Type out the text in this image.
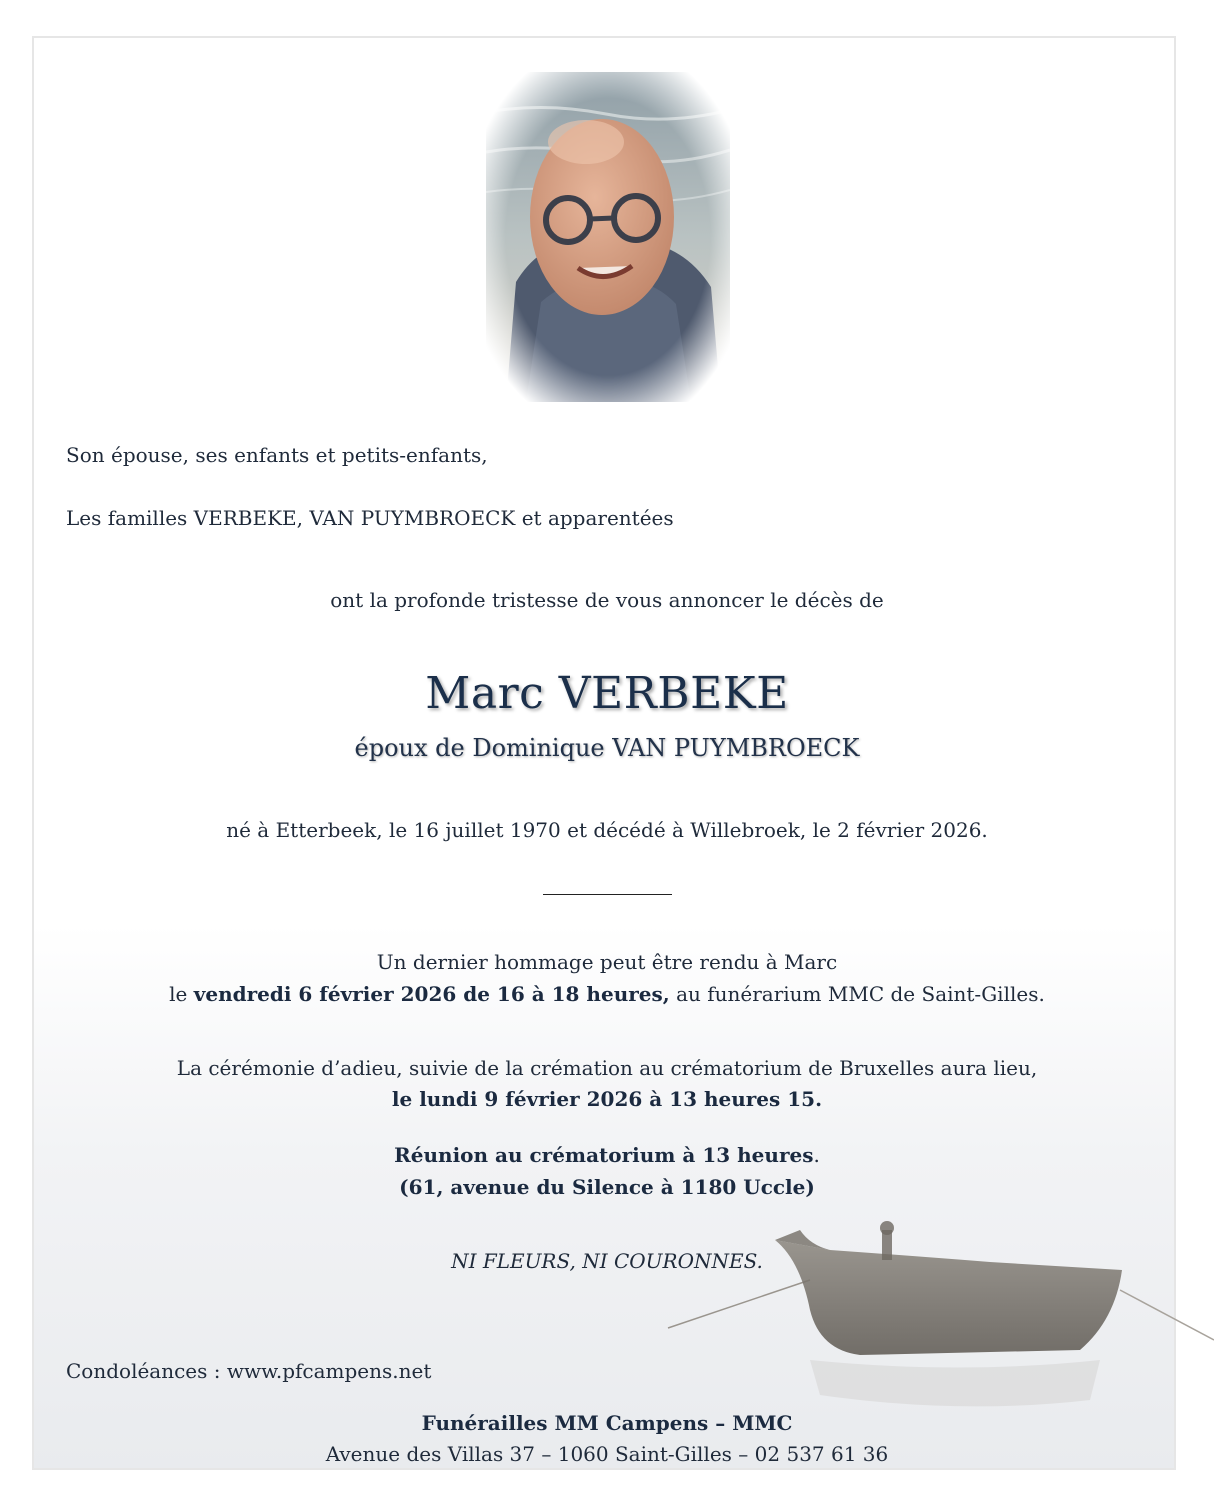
Son épouse, ses enfants et petits-enfants,
Les familles VERBEKE, VAN PUYMBROECK et apparentées
ont la profonde tristesse de vous annoncer le décès de
Marc VERBEKE
époux de Dominique VAN PUYMBROECK
né à Etterbeek, le 16 juillet 1970 et décédé à Willebroek, le 2 février 2026.
Un dernier hommage peut être rendu à Marc
le vendredi 6 février 2026 de 16 à 18 heures, au funérarium MMC de Saint-Gilles.
La cérémonie d’adieu, suivie de la crémation au crématorium de Bruxelles aura lieu,
le lundi 9 février 2026 à 13 heures 15.
Réunion au crématorium à 13 heures.
(61, avenue du Silence à 1180 Uccle)
NI FLEURS, NI COURONNES.
Condoléances : www.pfcampens.net
Funérailles MM Campens – MMC
Avenue des Villas 37 – 1060 Saint-Gilles – 02 537 61 36
